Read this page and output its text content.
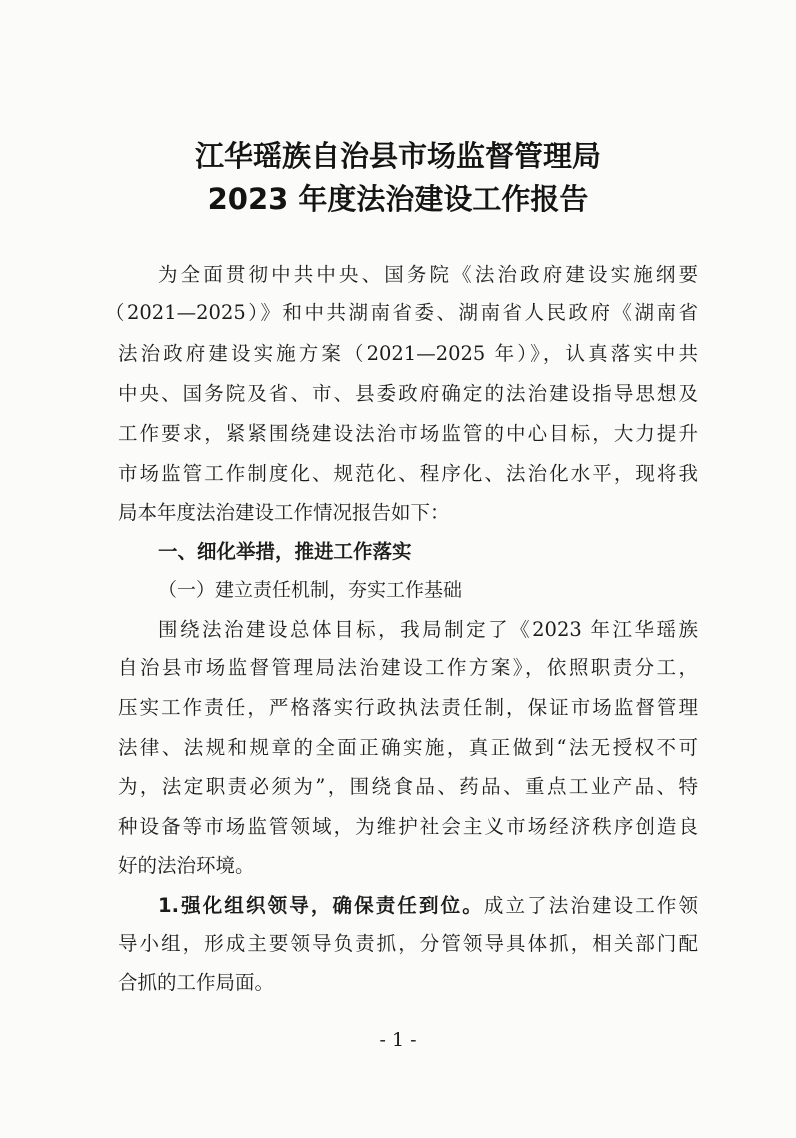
江华瑶族自治县市场监督管理局
2023 年度法治建设工作报告
为全面贯彻中共中央、国务院《法治政府建设实施纲要
（2021—2025）》和中共湖南省委、湖南省人民政府《湖南省
法治政府建设实施方案（2021—2025 年）》，认真落实中共
中央、国务院及省、市、县委政府确定的法治建设指导思想及
工作要求，紧紧围绕建设法治市场监管的中心目标，大力提升
市场监管工作制度化、规范化、程序化、法治化水平，现将我
局本年度法治建设工作情况报告如下：
一、细化举措，推进工作落实
（一）建立责任机制，夯实工作基础
围绕法治建设总体目标，我局制定了《2023 年江华瑶族
自治县市场监督管理局法治建设工作方案》，依照职责分工，
压实工作责任，严格落实行政执法责任制，保证市场监督管理
法律、法规和规章的全面正确实施，真正做到“法无授权不可
为，法定职责必须为”，围绕食品、药品、重点工业产品、特
种设备等市场监管领域，为维护社会主义市场经济秩序创造良
好的法治环境。
1.强化组织领导，确保责任到位。成立了法治建设工作领
导小组，形成主要领导负责抓，分管领导具体抓，相关部门配
合抓的工作局面。
- 1 -
